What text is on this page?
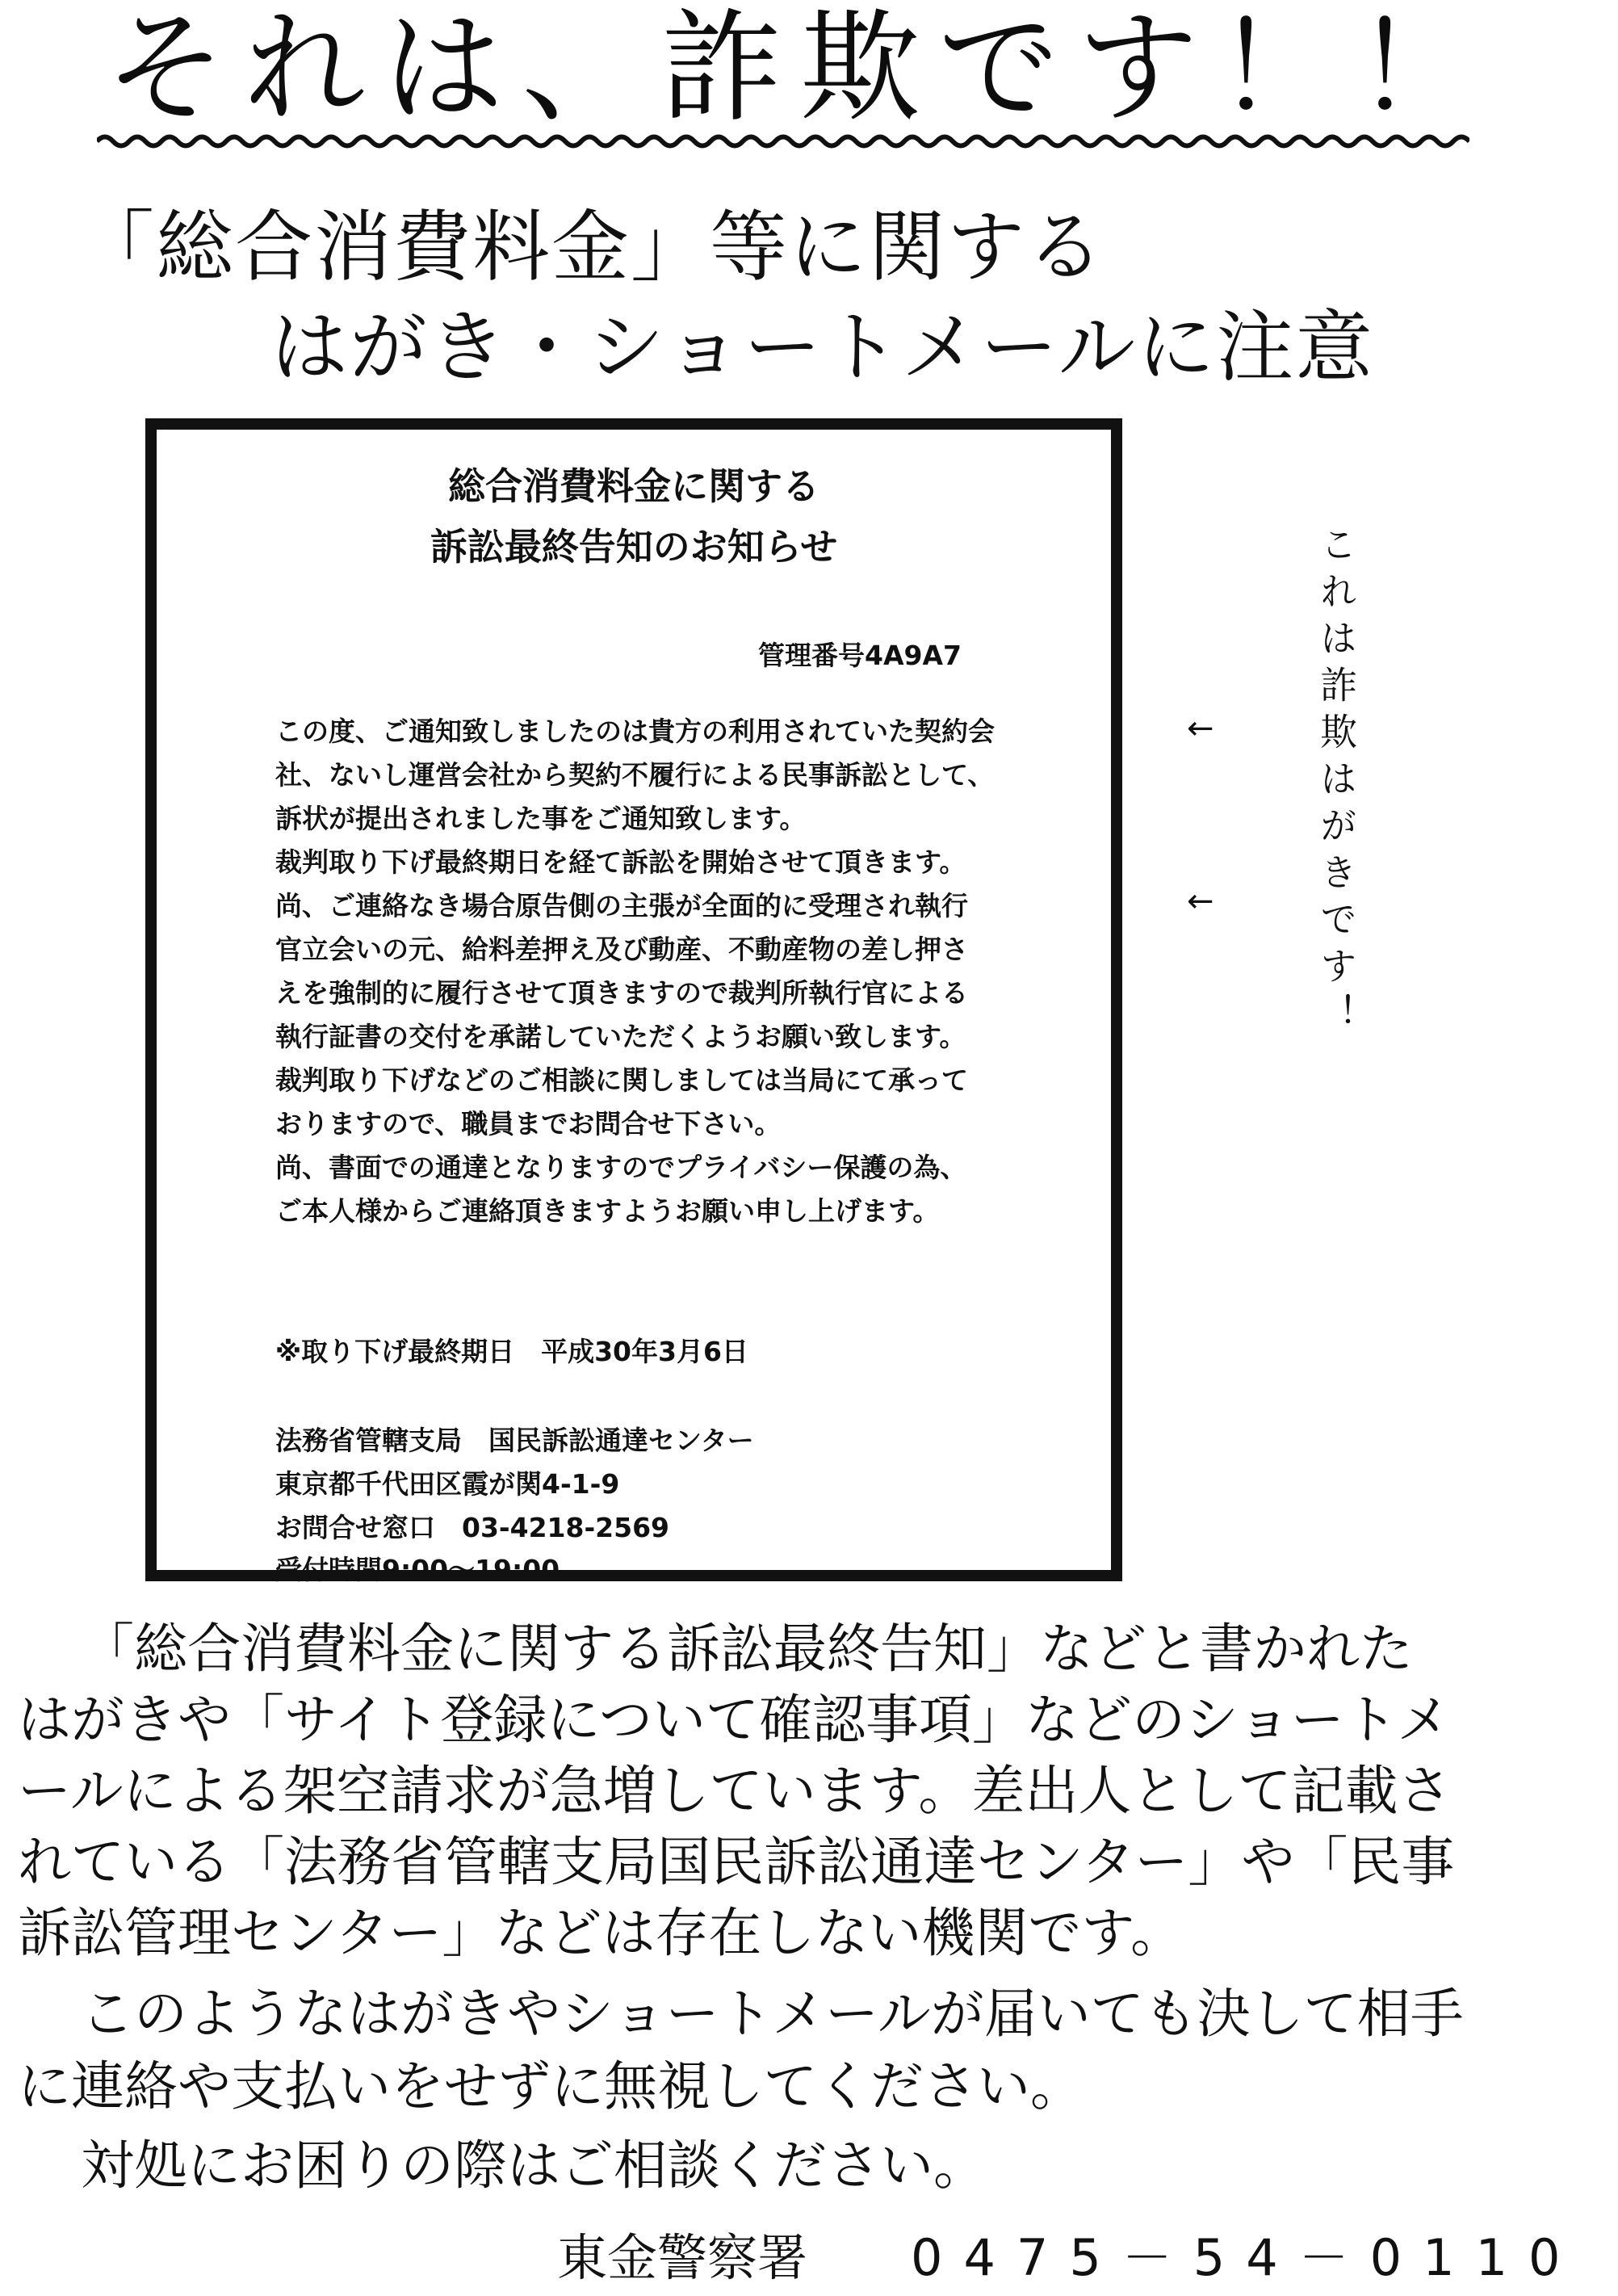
それは、詐欺です！！
「総合消費料金」等に関する
はがき・ショートメールに注意
総合消費料金に関する
訴訟最終告知のお知らせ
管理番号4A9A7
この度、ご通知致しましたのは貴方の利用されていた契約会
社、ないし運営会社から契約不履行による民事訴訟として、
訴状が提出されました事をご通知致します。
裁判取り下げ最終期日を経て訴訟を開始させて頂きます。
尚、ご連絡なき場合原告側の主張が全面的に受理され執行
官立会いの元、給料差押え及び動産、不動産物の差し押さ
えを強制的に履行させて頂きますので裁判所執行官による
執行証書の交付を承諾していただくようお願い致します。
裁判取り下げなどのご相談に関しましては当局にて承って
おりますので、職員までお問合せ下さい。
尚、書面での通達となりますのでプライバシー保護の為、
ご本人様からご連絡頂きますようお願い申し上げます。
※取り下げ最終期日　平成30年3月6日
法務省管轄支局　国民訴訟通達センター
東京都千代田区霞が関4-1-9
お問合せ窓口　03-4218-2569
受付時間9:00～19:00
←
←	これは詐欺はがきです！
「総合消費料金に関する訴訟最終告知」などと書かれた
はがきや「サイト登録について確認事項」などのショートメ
ールによる架空請求が急増しています。差出人として記載さ
れている「法務省管轄支局国民訴訟通達センター」や「民事
訴訟管理センター」などは存在しない機関です。
このようなはがきやショートメールが届いても決して相手
に連絡や支払いをせずに無視してください。
対処にお困りの際はご相談ください。
東金警察署 0475－54－0110
